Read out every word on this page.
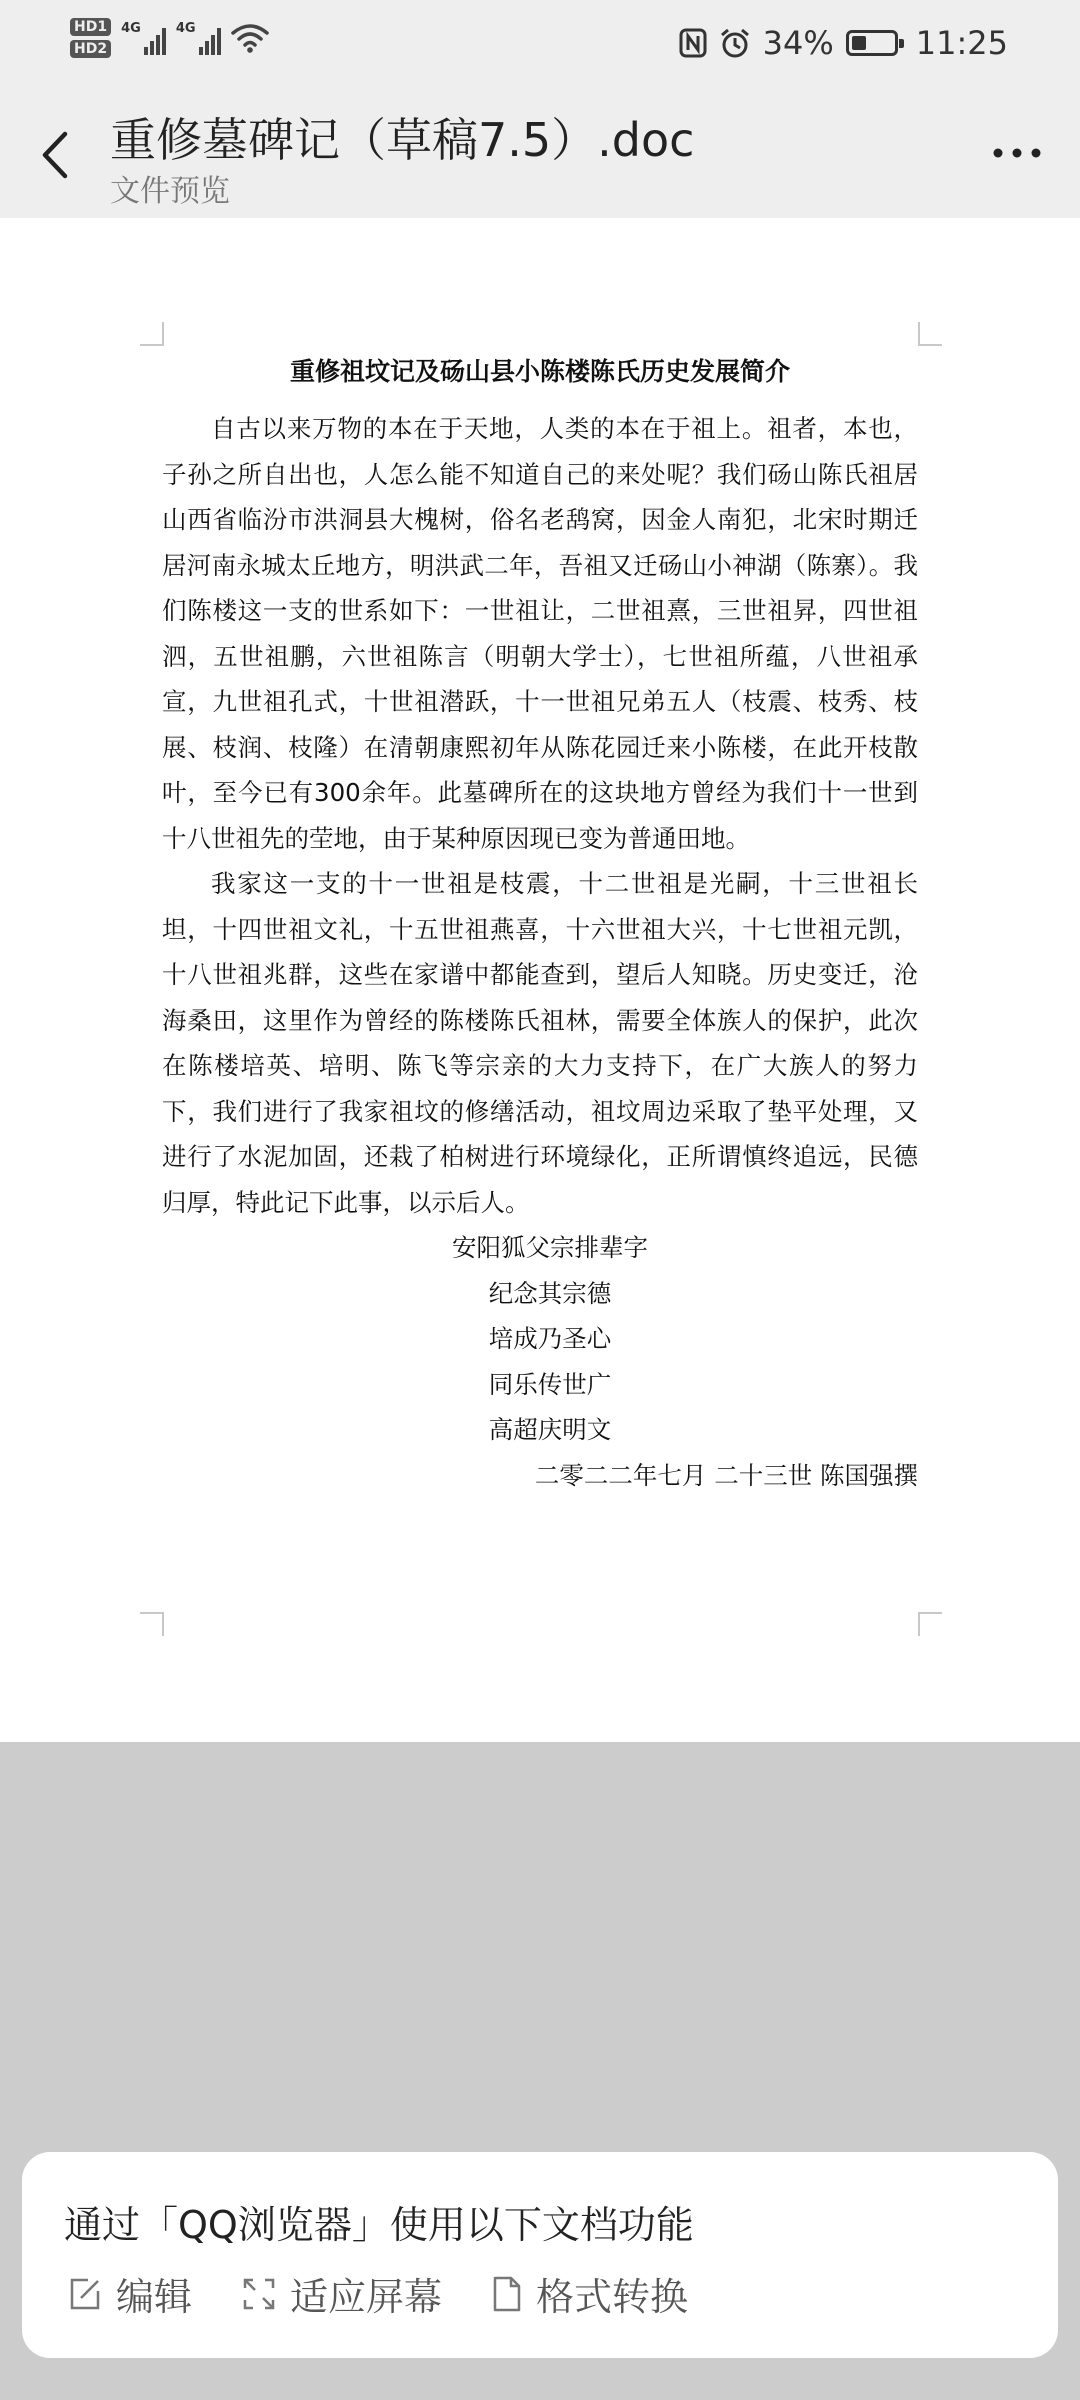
HD1
HD2
4G	4G	34%	11:25
重修墓碑记（草稿7.5）.doc
文件预览

重修祖坟记及砀山县小陈楼陈氏历史发展简介

自古以来万物的本在于天地，人类的本在于祖上。祖者，本也，子孙之所自出也，人怎么能不知道自己的来处呢？我们砀山陈氏祖居山西省临汾市洪洞县大槐树，俗名老鸹窝，因金人南犯，北宋时期迁居河南永城太丘地方，明洪武二年，吾祖又迁砀山小神湖（陈寨）。我们陈楼这一支的世系如下：一世祖让，二世祖熹，三世祖昇，四世祖泗，五世祖鹏，六世祖陈言（明朝大学士），七世祖所蕴，八世祖承宣，九世祖孔式，十世祖潜跃，十一世祖兄弟五人（枝震、枝秀、枝展、枝润、枝隆）在清朝康熙初年从陈花园迁来小陈楼，在此开枝散叶，至今已有300余年。此墓碑所在的这块地方曾经为我们十一世到十八世祖先的茔地，由于某种原因现已变为普通田地。

我家这一支的十一世祖是枝震，十二世祖是光嗣，十三世祖长坦，十四世祖文礼，十五世祖燕喜，十六世祖大兴，十七世祖元凯，十八世祖兆群，这些在家谱中都能查到，望后人知晓。历史变迁，沧海桑田，这里作为曾经的陈楼陈氏祖林，需要全体族人的保护，此次在陈楼培英、培明、陈飞等宗亲的大力支持下，在广大族人的努力下，我们进行了我家祖坟的修缮活动，祖坟周边采取了垫平处理，又进行了水泥加固，还栽了柏树进行环境绿化，正所谓慎终追远，民德归厚，特此记下此事，以示后人。

安阳狐父宗排辈字
纪念其宗德
培成乃圣心
同乐传世广
高超庆明文

二零二二年七月 二十三世 陈国强撰

通过「QQ浏览器」使用以下文档功能
编辑	适应屏幕 格式转换
